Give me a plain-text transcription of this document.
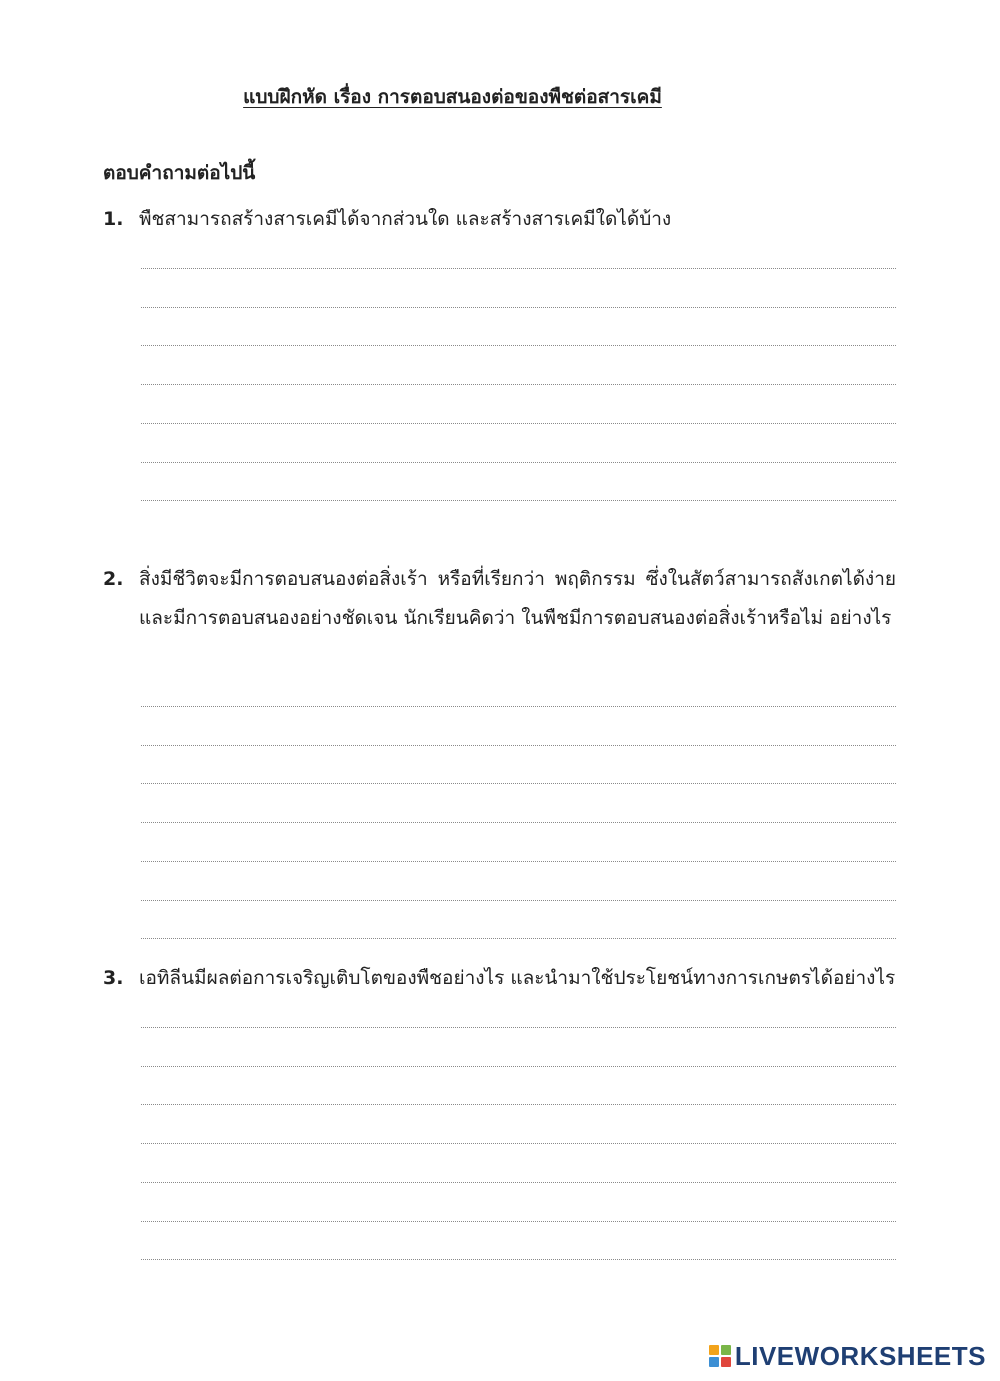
แบบฝึกหัด เรื่อง การตอบสนองต่อของพืชต่อสารเคมี
ตอบคำถามต่อไปนี้
1. พืชสามารถสร้างสารเคมีได้จากส่วนใด และสร้างสารเคมีใดได้บ้าง
2. สิ่งมีชีวิตจะมีการตอบสนองต่อสิ่งเร้า หรือที่เรียกว่า พฤติกรรม ซึ่งในสัตว์สามารถสังเกตได้ง่ายและมีการตอบสนองอย่างชัดเจน นักเรียนคิดว่า ในพืชมีการตอบสนองต่อสิ่งเร้าหรือไม่ อย่างไร
3. เอทิลีนมีผลต่อการเจริญเติบโตของพืชอย่างไร และนำมาใช้ประโยชน์ทางการเกษตรได้อย่างไร
LIVEWORKSHEETS
